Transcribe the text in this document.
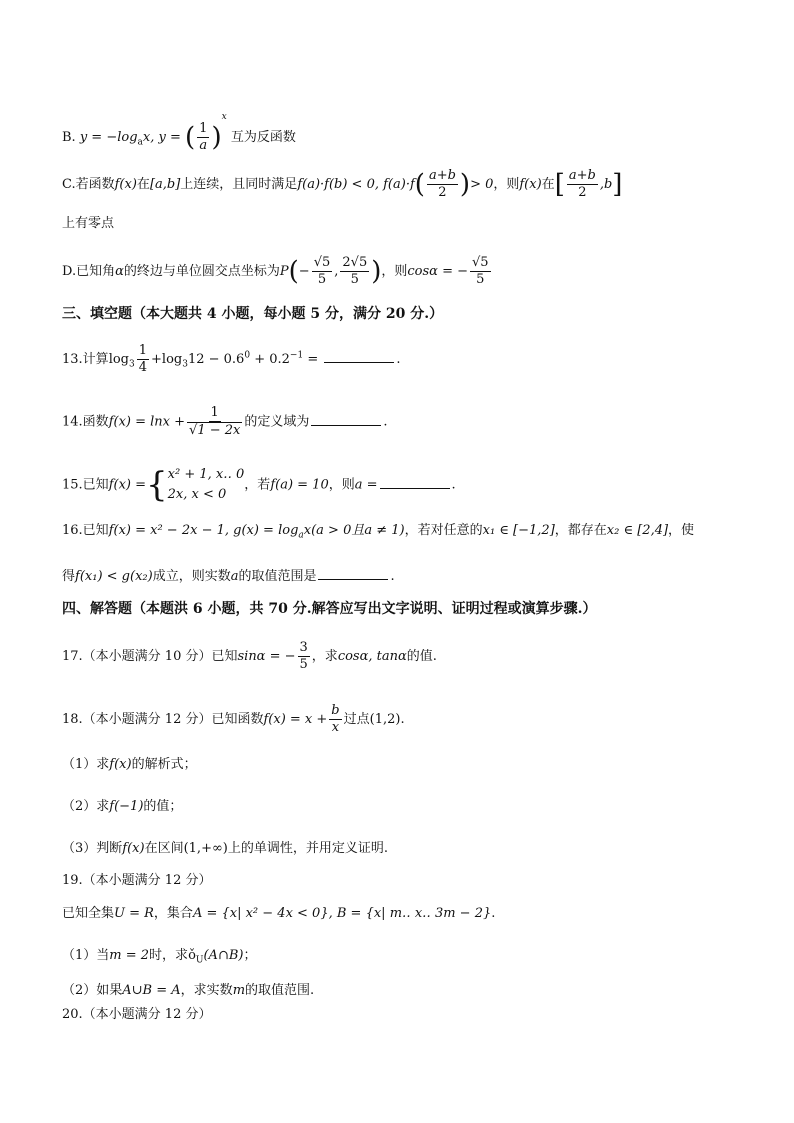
B. $y = -\log_ax$, y = ( $\frac{1}{a} )^x$ 互为反函数
C.若函数f(x)在[a,b]上连续，且同时满足f(a)·f(b) < 0, $f(a)\cdot f( \frac{a+b}{2}$ )> 0，则f(x)在[ $\frac{a+b}{2} ,b$]
上有零点
D.已知角α的终边与单位圆交点坐标为$P(- \frac{√5}{5}$ , $\frac{2√5}{5}$ )，则cosα = − $\frac{√5}{5}$
三、填空题（本大题共 4 小题，每小题 5 分，满分 20 分.）
13.计算$\log_3 \frac{1}{4} +\log_312 - 0.6^0 + 0.2^{-1}$ =	.
14.函数$f(x) = \ln x + \frac{1}{√1 - 2x}$ 的定义域为	.
15.已知f(x) ={ x² + 1, x‥ 0
2x, x < 0
，若f(a) = 10，则a =	.
16.已知f(x) = x² − 2x − 1, $g(x) = \log_ax(a > 0$且a ≠ 1)，若对任意的x₁ ∈ [−1,2]，都存在x₂ ∈ [2,4]，使
得f(x₁) < g(x₂)成立，则实数a的取值范围是	.
四、解答题（本题洪 6 小题，共 70 分.解答应写出文字说明、证明过程或演算步骤.）
17.（本小题满分 10 分）已知sinα = − $\frac{3}{5}$ ，求cosα, tanα的值.
18.（本小题满分 12 分）已知函数$f(x) = x + \frac{b}{x}$ 过点(1,2).
（1）求f(x)的解析式；
（2）求f(−1)的值；
（3）判断f(x)在区间(1,+∞)上的单调性，并用定义证明.
19.（本小题满分 12 分）
已知全集U = R，集合A = {x| x² − 4x < 0}, B = {x| m‥ x‥ 3m − 2}.
（1）当m = 2时，求$ǒ_U(A\cap B)$；
（2）如果A∪B = A，求实数m的取值范围.
20.（本小题满分 12 分）
